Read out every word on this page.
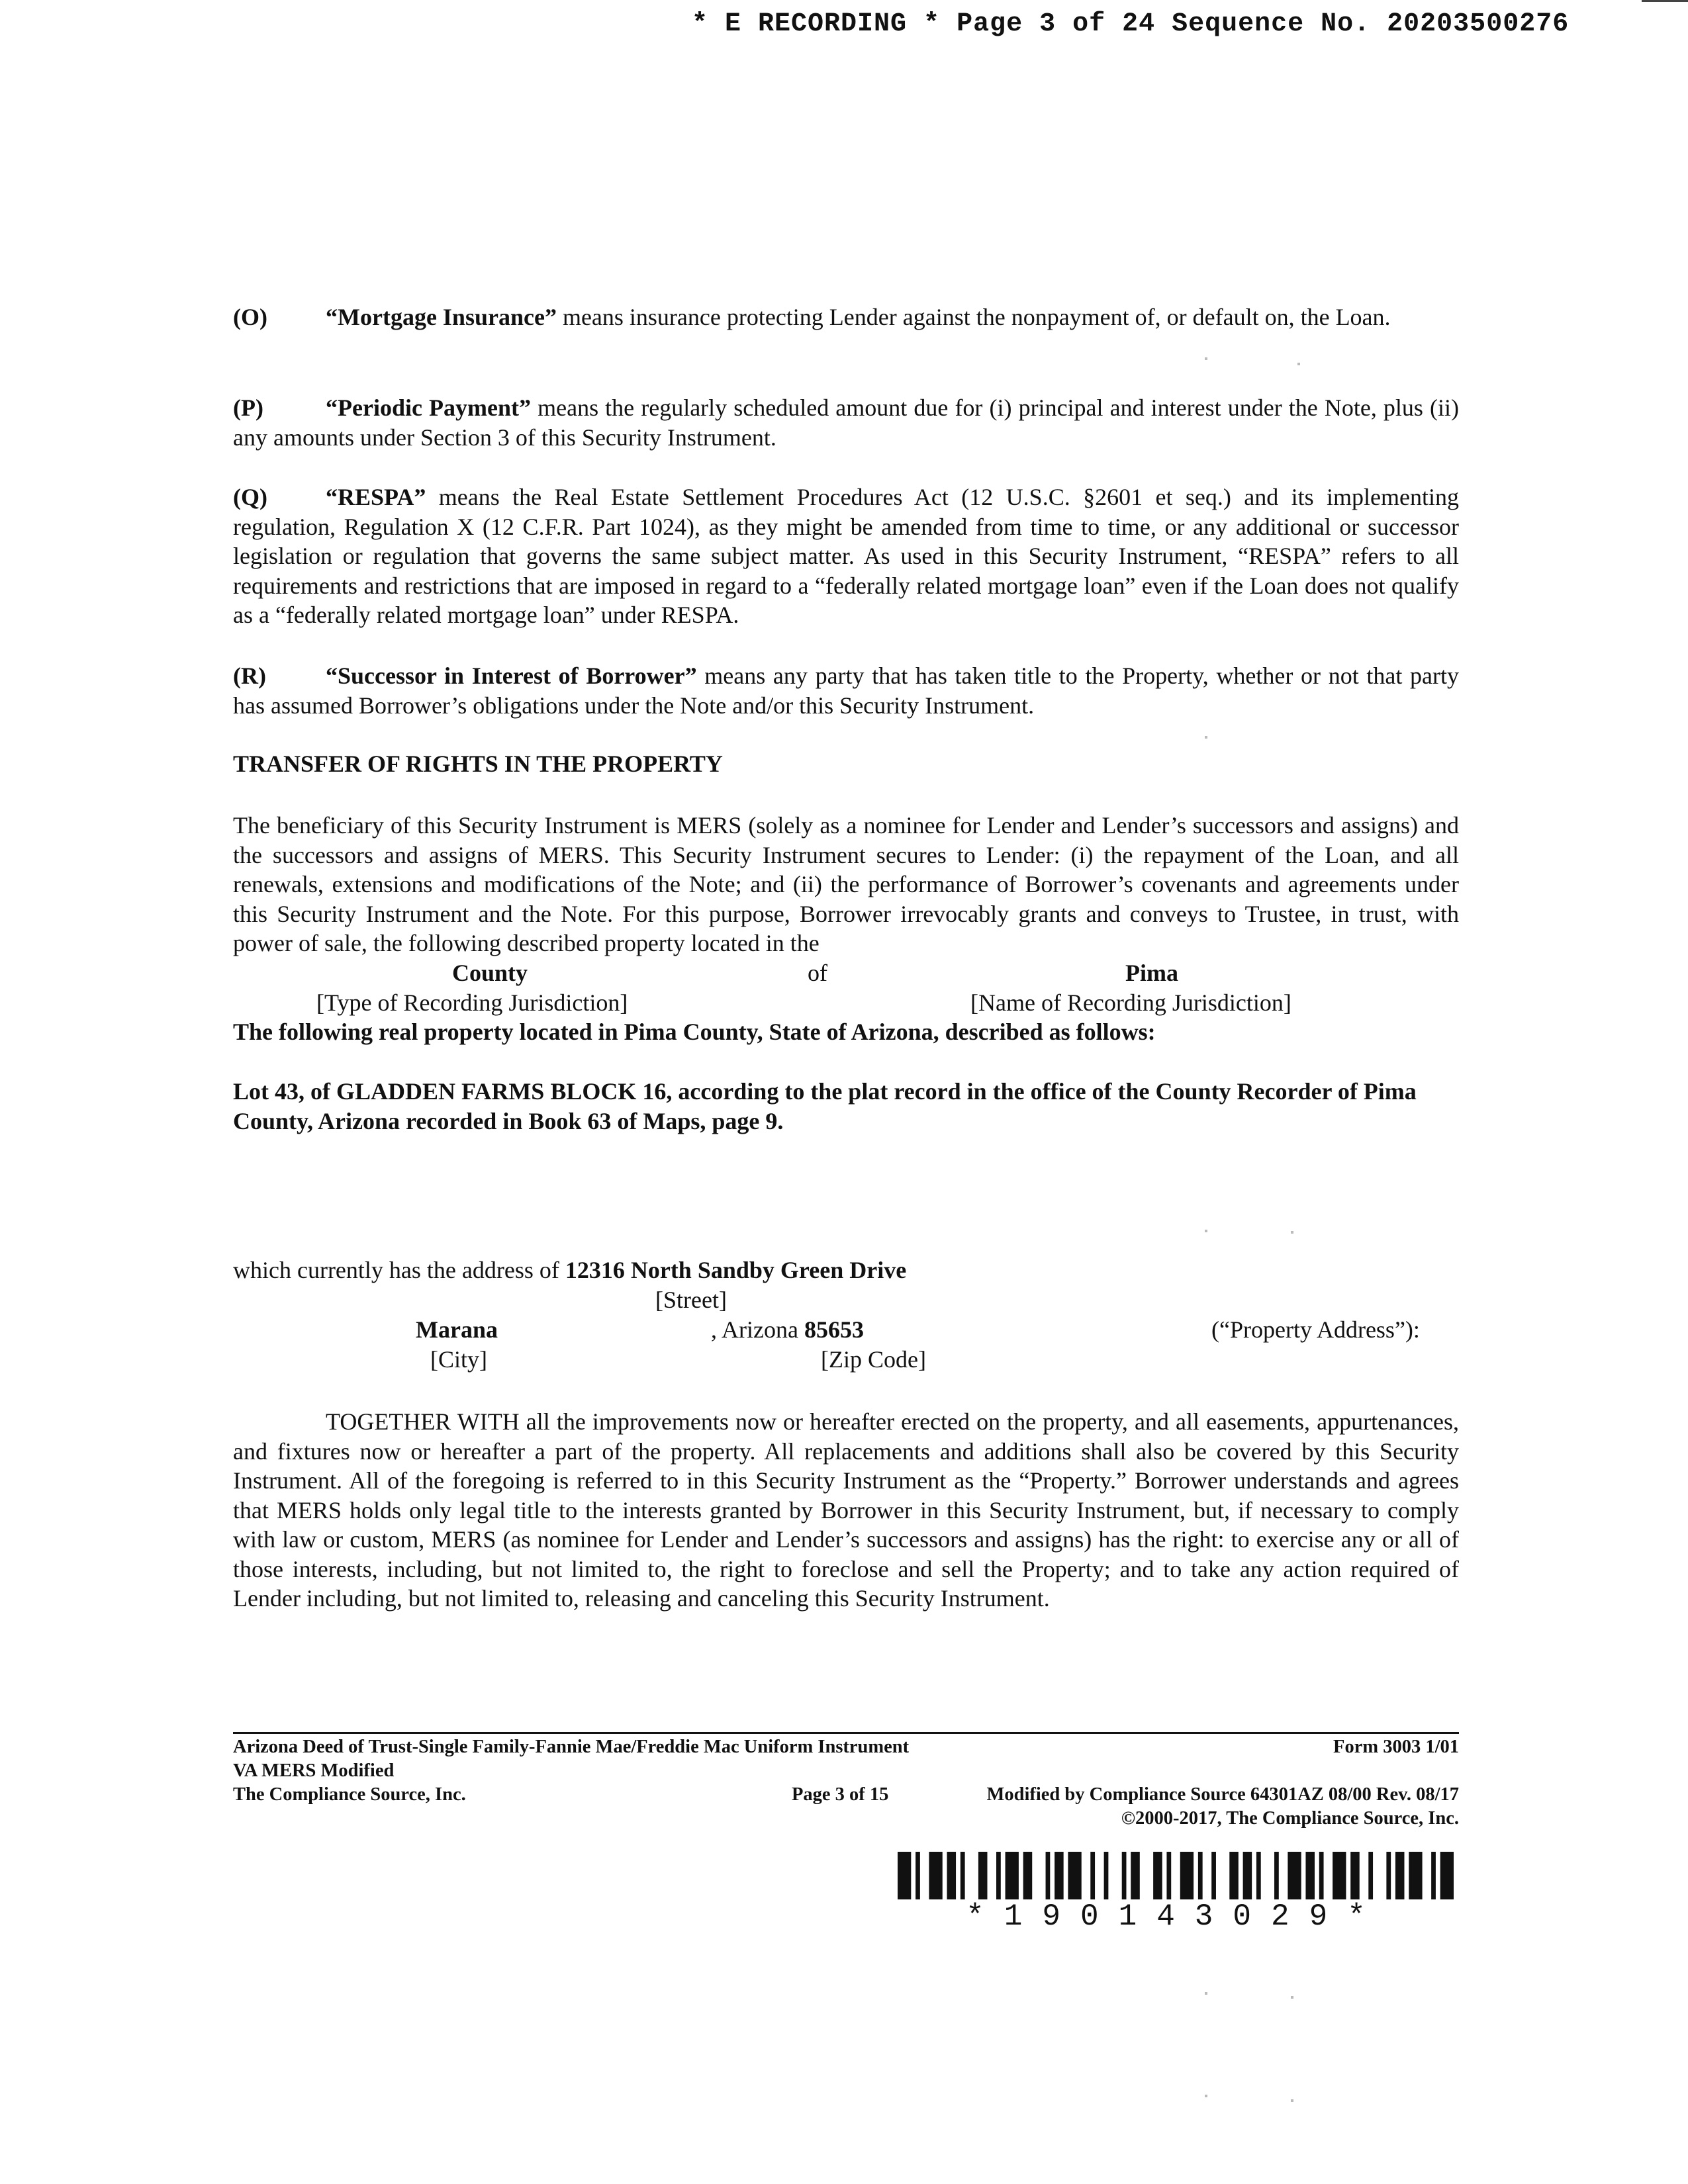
* E RECORDING * Page 3 of 24 Sequence No. 20203500276
(O) “Mortgage Insurance” means insurance protecting Lender against the nonpayment of, or default on, the Loan.
(P)	“Periodic Payment” means the regularly scheduled amount due for (i) principal and interest under the Note, plus (ii) any amounts under Section 3 of this Security Instrument.
(Q) “RESPA” means the Real Estate Settlement Procedures Act (12 U.S.C. §2601 et seq.) and its implementing regulation, Regulation X (12 C.F.R. Part 1024), as they might be amended from time to time, or any additional or successor legislation or regulation that governs the same subject matter. As used in this Security Instrument, “RESPA” refers to all requirements and restrictions that are imposed in regard to a “federally related mortgage loan” even if the Loan does not qualify as a “federally related mortgage loan” under RESPA.
(R)	“Successor in Interest of Borrower” means any party that has taken title to the Property, whether or not that party has assumed Borrower’s obligations under the Note and/or this Security Instrument.
TRANSFER OF RIGHTS IN THE PROPERTY
The beneficiary of this Security Instrument is MERS (solely as a nominee for Lender and Lender’s successors and assigns) and the successors and assigns of MERS. This Security Instrument secures to Lender: (i) the repayment of the Loan, and all renewals, extensions and modifications of the Note; and (ii) the performance of Borrower’s covenants and agreements under this Security Instrument and the Note. For this purpose, Borrower irrevocably grants and conveys to Trustee, in trust, with power of sale, the following described property located in the
County	of	Pima
[Type of Recording Jurisdiction]	[Name of Recording Jurisdiction]
The following real property located in Pima County, State of Arizona, described as follows:
Lot 43, of GLADDEN FARMS BLOCK 16, according to the plat record in the office of the County Recorder of Pima County, Arizona recorded in Book 63 of Maps, page 9.
which currently has the address of 12316 North Sandby Green Drive
[Street]
Marana	, Arizona 85653	(“Property Address”):
[City]	[Zip Code]
TOGETHER WITH all the improvements now or hereafter erected on the property, and all easements, appurtenances, and fixtures now or hereafter a part of the property. All replacements and additions shall also be covered by this Security Instrument. All of the foregoing is referred to in this Security Instrument as the “Property.” Borrower understands and agrees that MERS holds only legal title to the interests granted by Borrower in this Security Instrument, but, if necessary to comply with law or custom, MERS (as nominee for Lender and Lender’s successors and assigns) has the right: to exercise any or all of those interests, including, but not limited to, the right to foreclose and sell the Property; and to take any action required of Lender including, but not limited to, releasing and canceling this Security Instrument.
Arizona Deed of Trust-Single Family-Fannie Mae/Freddie Mac Uniform Instrument	Form 3003 1/01
VA MERS Modified
The Compliance Source, Inc.	Page 3 of 15	Modified by Compliance Source 64301AZ 08/00 Rev. 08/17
©2000-2017, The Compliance Source, Inc.
*190143029*
